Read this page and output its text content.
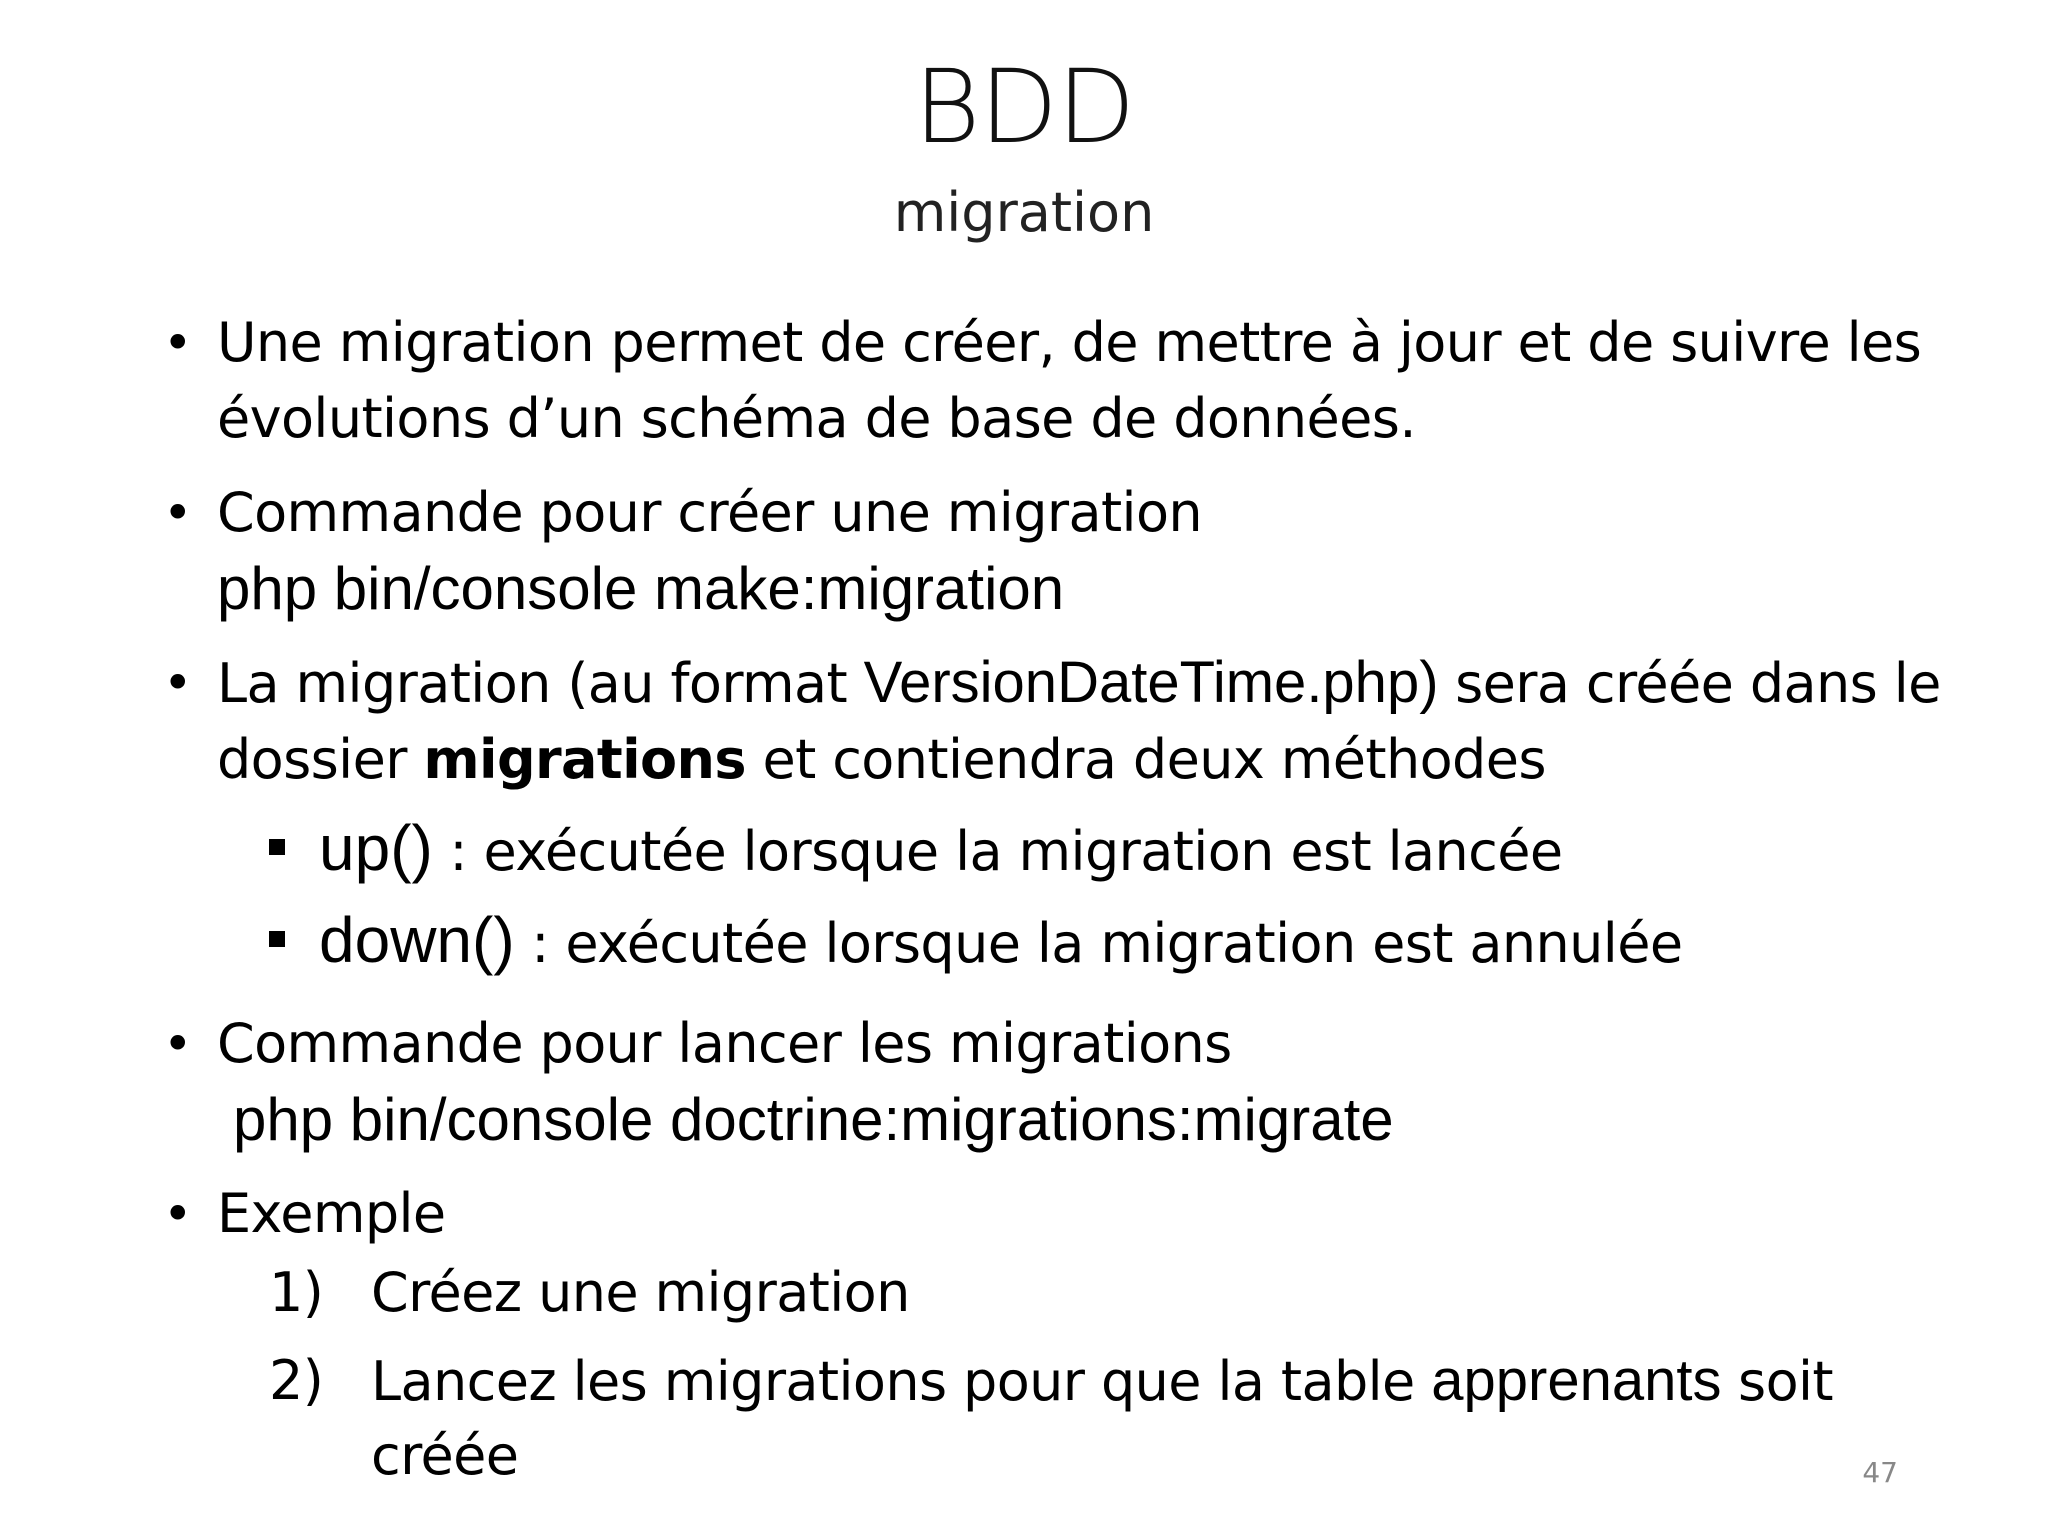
BDD
migration
• Une migration permet de créer, de mettre à jour et de suivre les évolutions d’un schéma de base de données.
• Commande pour créer une migration
php bin/console make:migration
• La migration (au format VersionDateTime.php) sera créée dans le dossier migrations et contiendra deux méthodes
up() : exécutée lorsque la migration est lancée
down() : exécutée lorsque la migration est annulée
• Commande pour lancer les migrations
php bin/console doctrine:migrations:migrate
• Exemple
1) Créez une migration
2) Lancez les migrations pour que la table apprenants soit créée	47
